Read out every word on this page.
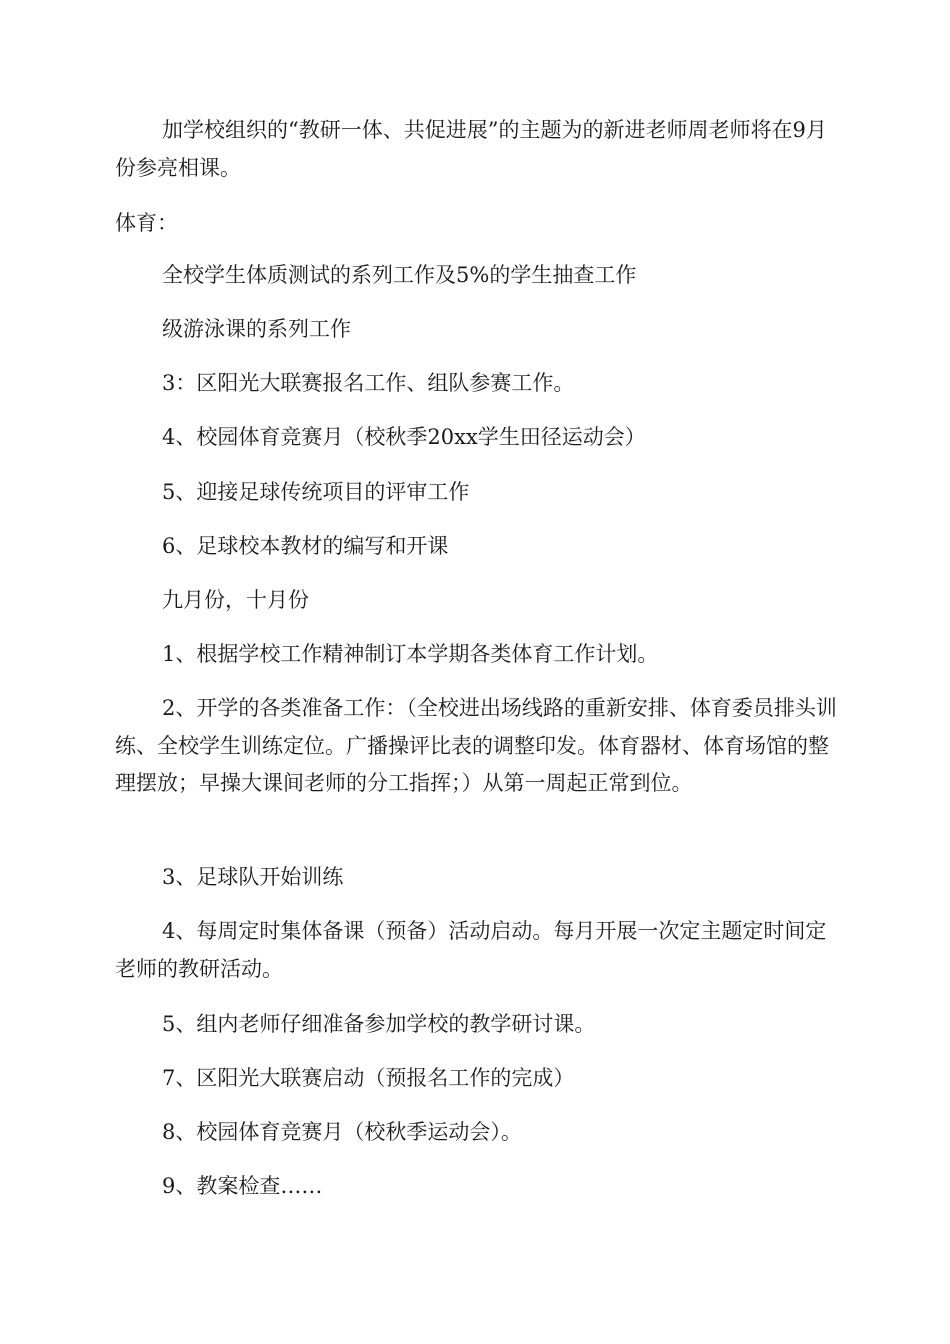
加学校组织的“教研一体、共促进展”的主题为的新进老师周老师将在9月份参亮相课。

体育：

全校学生体质测试的系列工作及5%的学生抽查工作

级游泳课的系列工作

3：区阳光大联赛报名工作、组队参赛工作。

4、校园体育竞赛月（校秋季20xx学生田径运动会）

5、迎接足球传统项目的评审工作

6、足球校本教材的编写和开课

九月份，十月份

1、根据学校工作精神制订本学期各类体育工作计划。

2、开学的各类准备工作：（全校进出场线路的重新安排、体育委员排头训练、全校学生训练定位。广播操评比表的调整印发。体育器材、体育场馆的整理摆放；早操大课间老师的分工指挥；）从第一周起正常到位。

3、足球队开始训练

4、每周定时集体备课（预备）活动启动。每月开展一次定主题定时间定老师的教研活动。

5、组内老师仔细准备参加学校的教学研讨课。

7、区阳光大联赛启动（预报名工作的完成）

8、校园体育竞赛月（校秋季运动会）。

9、教案检查……
